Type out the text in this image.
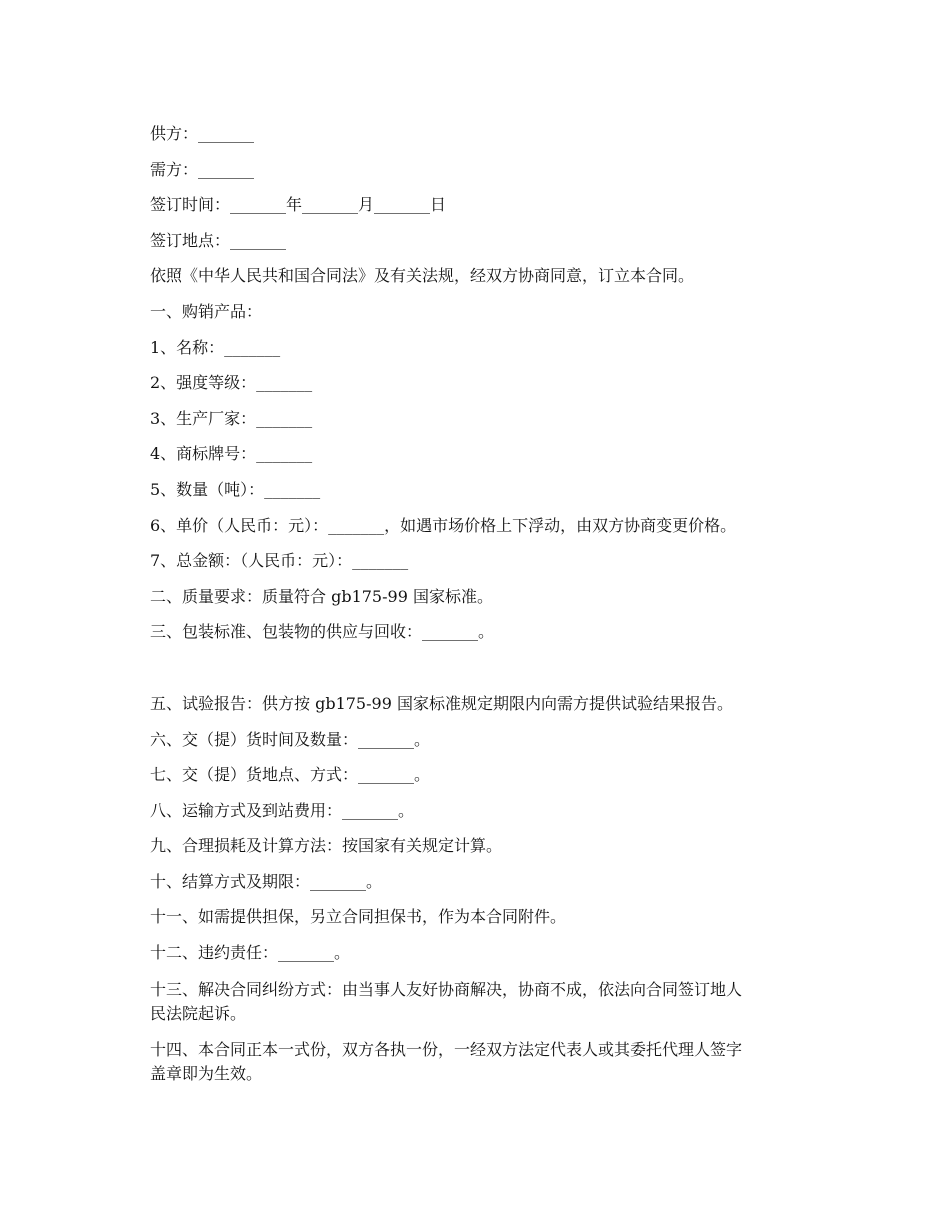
供方：_______
需方：_______
签订时间：_______年_______月_______日
签订地点：_______
依照《中华人民共和国合同法》及有关法规，经双方协商同意，订立本合同。
一、购销产品：
1、名称：_______
2、强度等级：_______
3、生产厂家：_______
4、商标牌号：_______
5、数量（吨）：_______
6、单价（人民币：元）：_______，如遇市场价格上下浮动，由双方协商变更价格。
7、总金额：（人民币：元）：_______
二、质量要求：质量符合 gb175-99 国家标准。
三、包装标准、包装物的供应与回收：_______。
五、试验报告：供方按 gb175-99 国家标准规定期限内向需方提供试验结果报告。
六、交（提）货时间及数量：_______。
七、交（提）货地点、方式：_______。
八、运输方式及到站费用：_______。
九、合理损耗及计算方法：按国家有关规定计算。
十、结算方式及期限：_______。
十一、如需提供担保，另立合同担保书，作为本合同附件。
十二、违约责任：_______。
十三、解决合同纠纷方式：由当事人友好协商解决，协商不成，依法向合同签订地人
民法院起诉。
十四、本合同正本一式份，双方各执一份，一经双方法定代表人或其委托代理人签字
盖章即为生效。
